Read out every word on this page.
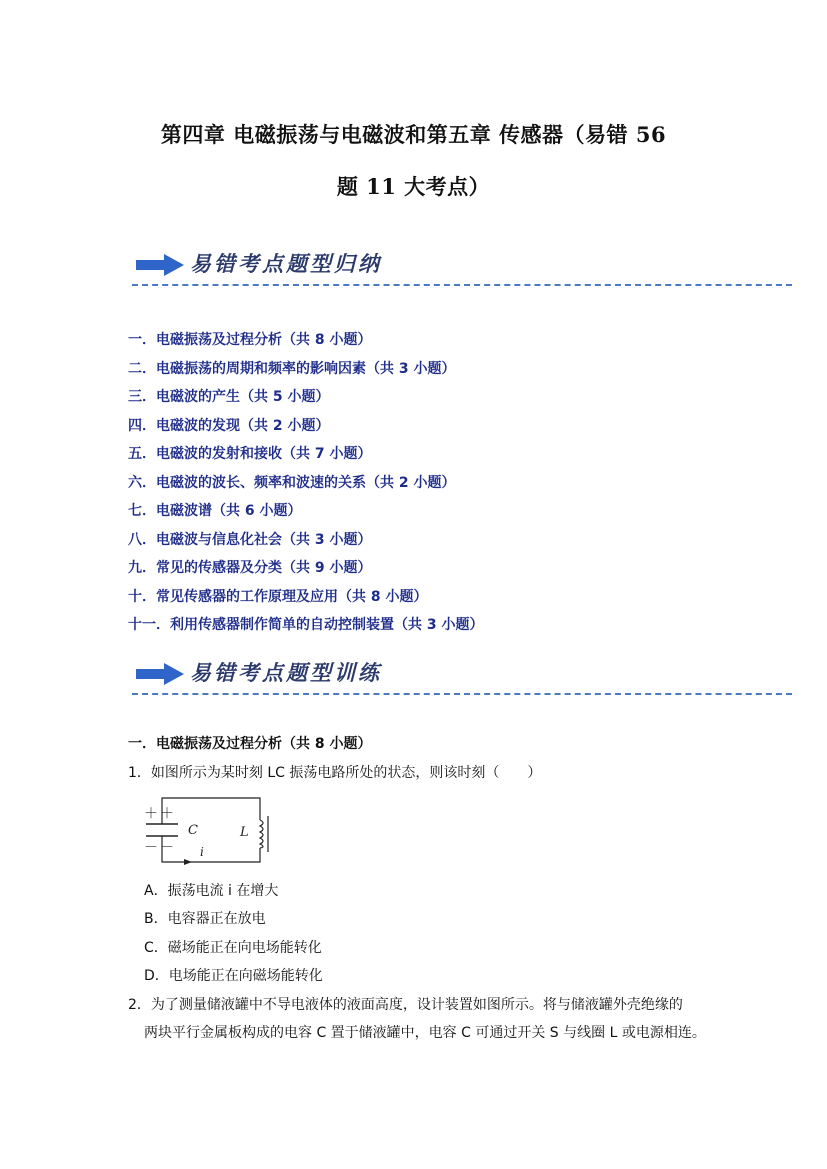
第四章 电磁振荡与电磁波和第五章 传感器（易错 56
题 11 大考点）
易错考点题型归纳
一．电磁振荡及过程分析（共 8 小题）
二．电磁振荡的周期和频率的影响因素（共 3 小题）
三．电磁波的产生（共 5 小题）
四．电磁波的发现（共 2 小题）
五．电磁波的发射和接收（共 7 小题）
六．电磁波的波长、频率和波速的关系（共 2 小题）
七．电磁波谱（共 6 小题）
八．电磁波与信息化社会（共 3 小题）
九．常见的传感器及分类（共 9 小题）
十．常见传感器的工作原理及应用（共 8 小题）
十一．利用传感器制作简单的自动控制装置（共 3 小题）
易错考点题型训练
一．电磁振荡及过程分析（共 8 小题）
1．如图所示为某时刻 LC 振荡电路所处的状态，则该时刻（　　）
＋ ＋
－ －
C	L
i
A．振荡电流 i 在增大
B．电容器正在放电
C．磁场能正在向电场能转化
D．电场能正在向磁场能转化
2．为了测量储液罐中不导电液体的液面高度，设计装置如图所示。将与储液罐外壳绝缘的
两块平行金属板构成的电容 C 置于储液罐中，电容 C 可通过开关 S 与线圈 L 或电源相连。
